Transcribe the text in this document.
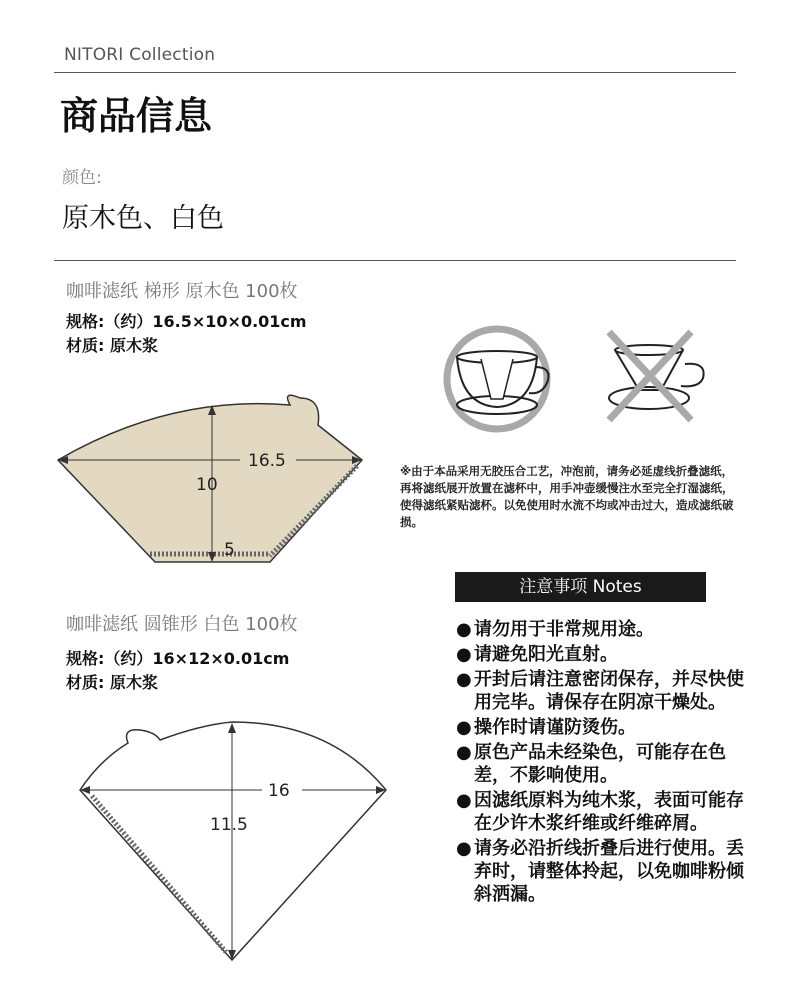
NITORI Collection
商品信息
颜色:
原木色、白色
咖啡滤纸 梯形 原木色 100枚
规格:（约）16.5×10×0.01cm
材质: 原木浆
16.5
10
5
※由于本品采用无胶压合工艺，冲泡前，请务必延虚线折叠滤纸，再将滤纸展开放置在滤杯中，用手冲壶缓慢注水至完全打湿滤纸，使得滤纸紧贴滤杯。以免使用时水流不均或冲击过大，造成滤纸破损。
注意事项 Notes
● 请勿用于非常规用途。
● 请避免阳光直射。
● 开封后请注意密闭保存，并尽快使用完毕。请保存在阴凉干燥处。
● 操作时请谨防烫伤。
● 原色产品未经染色，可能存在色差，不影响使用。
● 因滤纸原料为纯木浆，表面可能存在少许木浆纤维或纤维碎屑。
● 请务必沿折线折叠后进行使用。丢弃时，请整体拎起，以免咖啡粉倾斜洒漏。
咖啡滤纸 圆锥形 白色 100枚
规格:（约）16×12×0.01cm
材质: 原木浆
16
11.5
